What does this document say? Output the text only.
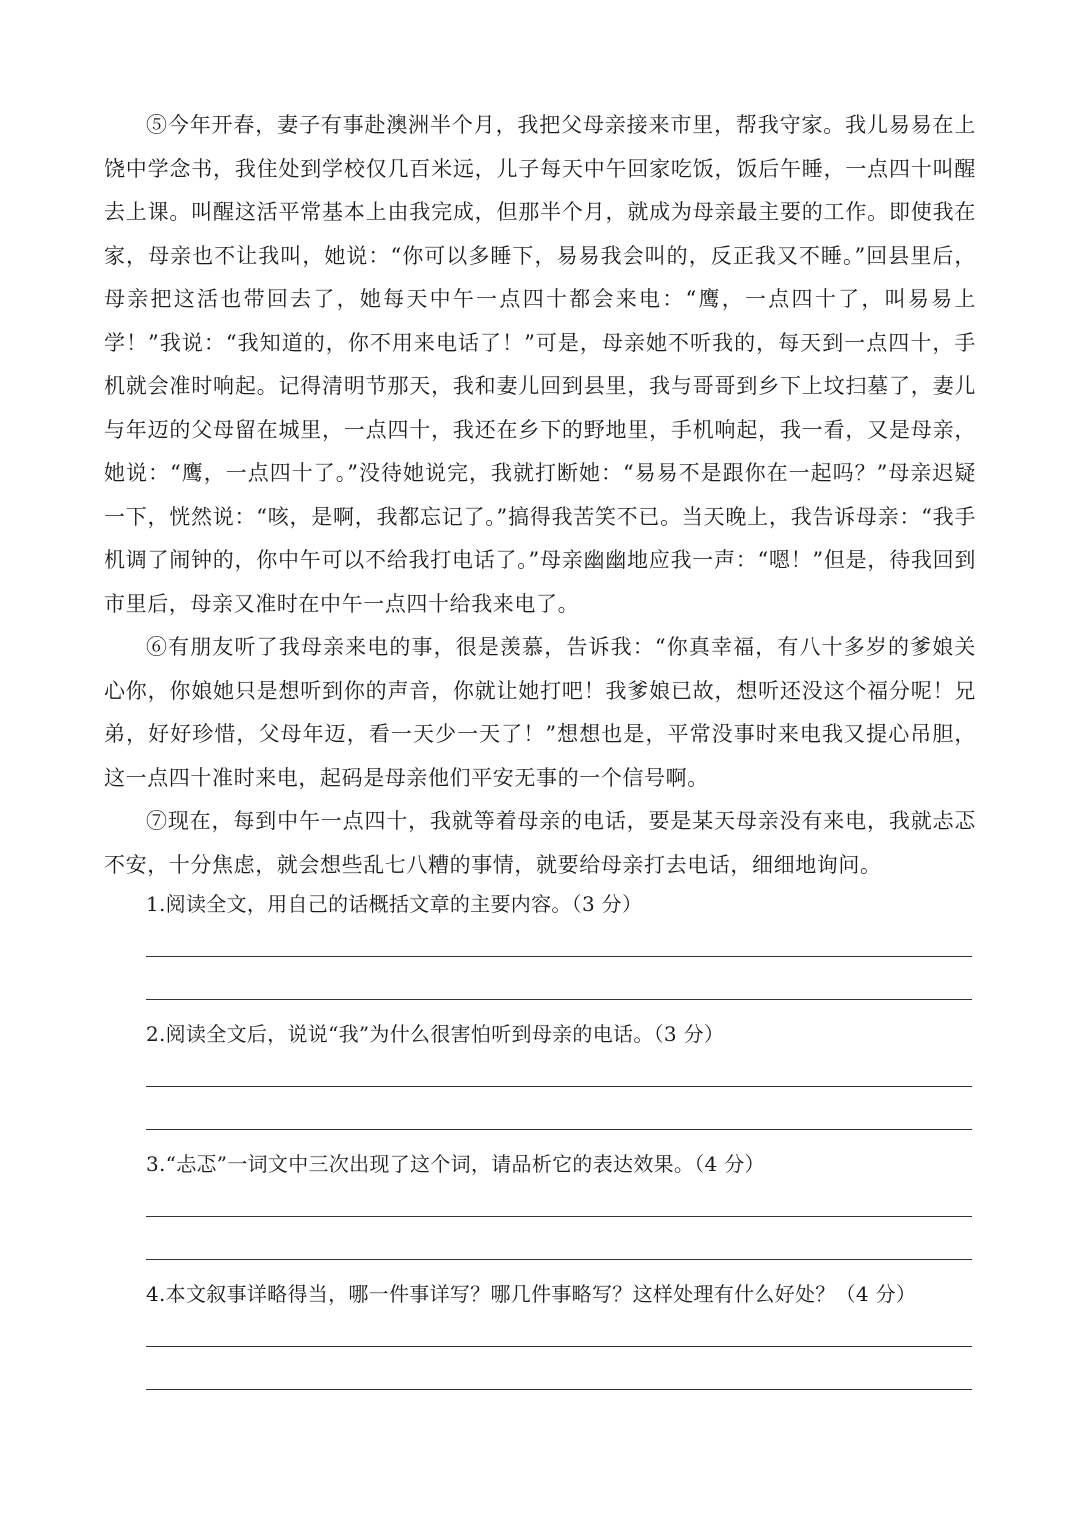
⑤今年开春，妻子有事赴澳洲半个月，我把父母亲接来市里，帮我守家。我儿易易在上饶中学念书，我住处到学校仅几百米远，儿子每天中午回家吃饭，饭后午睡，一点四十叫醒去上课。叫醒这活平常基本上由我完成，但那半个月，就成为母亲最主要的工作。即使我在家，母亲也不让我叫，她说：“你可以多睡下，易易我会叫的，反正我又不睡。”回县里后，母亲把这活也带回去了，她每天中午一点四十都会来电：“鹰，一点四十了，叫易易上学！”我说：“我知道的，你不用来电话了！”可是，母亲她不听我的，每天到一点四十，手机就会准时响起。记得清明节那天，我和妻儿回到县里，我与哥哥到乡下上坟扫墓了，妻儿与年迈的父母留在城里，一点四十，我还在乡下的野地里，手机响起，我一看，又是母亲，她说：“鹰，一点四十了。”没待她说完，我就打断她：“易易不是跟你在一起吗？”母亲迟疑一下，恍然说：“咳，是啊，我都忘记了。”搞得我苦笑不已。当天晚上，我告诉母亲：“我手机调了闹钟的，你中午可以不给我打电话了。”母亲幽幽地应我一声：“嗯！”但是，待我回到市里后，母亲又准时在中午一点四十给我来电了。

⑥有朋友听了我母亲来电的事，很是羡慕，告诉我：“你真幸福，有八十多岁的爹娘关心你，你娘她只是想听到你的声音，你就让她打吧！我爹娘已故，想听还没这个福分呢！兄弟，好好珍惜，父母年迈，看一天少一天了！”想想也是，平常没事时来电我又提心吊胆，这一点四十准时来电，起码是母亲他们平安无事的一个信号啊。

⑦现在，每到中午一点四十，我就等着母亲的电话，要是某天母亲没有来电，我就忐忑不安，十分焦虑，就会想些乱七八糟的事情，就要给母亲打去电话，细细地询问。

1.阅读全文，用自己的话概括文章的主要内容。（3 分）

2.阅读全文后，说说“我”为什么很害怕听到母亲的电话。（3 分）

3.“忐忑”一词文中三次出现了这个词，请品析它的表达效果。（4 分）

4.本文叙事详略得当，哪一件事详写？哪几件事略写？这样处理有什么好处？（4 分）
